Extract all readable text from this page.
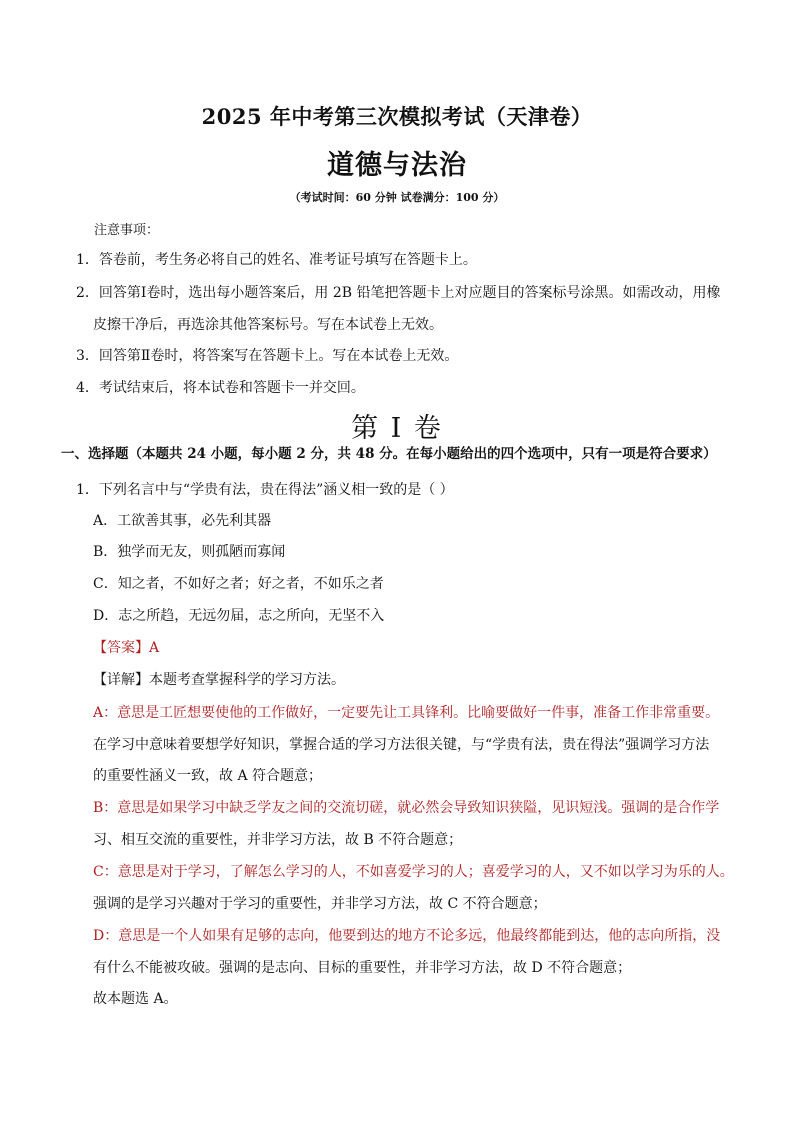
2025 年中考第三次模拟考试（天津卷）
道德与法治
（考试时间：60 分钟 试卷满分：100 分）
注意事项：
1．答卷前，考生务必将自己的姓名、准考证号填写在答题卡上。
2．回答第Ⅰ卷时，选出每小题答案后，用 2B 铅笔把答题卡上对应题目的答案标号涂黑。如需改动，用橡
皮擦干净后，再选涂其他答案标号。写在本试卷上无效。
3．回答第Ⅱ卷时，将答案写在答题卡上。写在本试卷上无效。
4．考试结束后，将本试卷和答题卡一并交回。
第 I 卷
一、选择题（本题共 24 小题，每小题 2 分，共 48 分。在每小题给出的四个选项中，只有一项是符合要求）
1．下列名言中与“学贵有法，贵在得法”涵义相一致的是（ ）
A．工欲善其事，必先利其器
B．独学而无友，则孤陋而寡闻
C．知之者，不如好之者；好之者，不如乐之者
D．志之所趋，无远勿届，志之所向，无坚不入
【答案】A
【详解】本题考查掌握科学的学习方法。
A：意思是工匠想要使他的工作做好，一定要先让工具锋利。比喻要做好一件事，准备工作非常重要。
在学习中意味着要想学好知识，掌握合适的学习方法很关键，与“学贵有法，贵在得法”强调学习方法
的重要性涵义一致，故 A 符合题意；
B：意思是如果学习中缺乏学友之间的交流切磋，就必然会导致知识狭隘，见识短浅。强调的是合作学
习、相互交流的重要性，并非学习方法，故 B 不符合题意；
C：意思是对于学习，了解怎么学习的人，不如喜爱学习的人；喜爱学习的人，又不如以学习为乐的人。
强调的是学习兴趣对于学习的重要性，并非学习方法，故 C 不符合题意；
D：意思是一个人如果有足够的志向，他要到达的地方不论多远，他最终都能到达，他的志向所指，没
有什么不能被攻破。强调的是志向、目标的重要性，并非学习方法，故 D 不符合题意；
故本题选 A。
